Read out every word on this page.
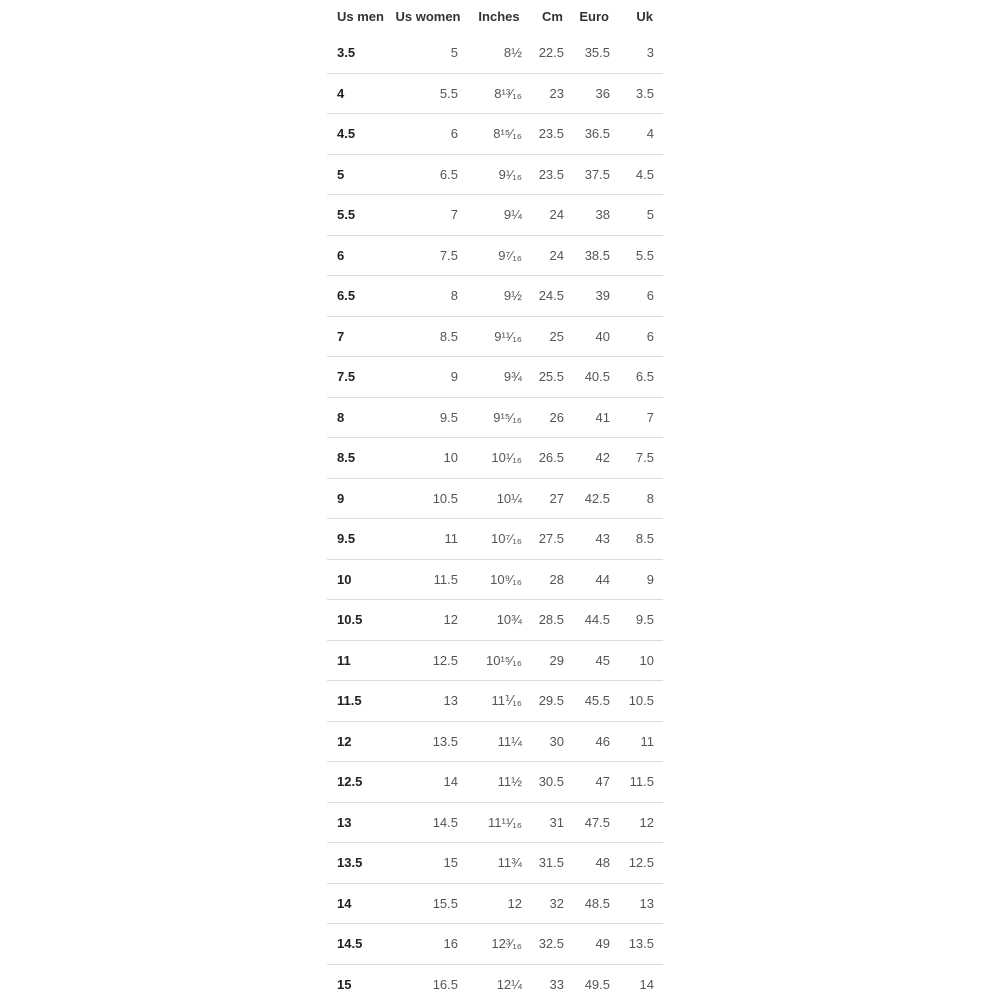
Us men	Us women	Inches	Cm	Euro	Uk
3.5	5	8½	22.5	35.5	3
4	5.5	8¹³⁄₁₆	23	36	3.5
4.5	6	8¹⁵⁄₁₆	23.5	36.5	4
5	6.5	9¹⁄₁₆	23.5	37.5	4.5
5.5	7	9¼	24	38	5
6	7.5	9⁷⁄₁₆	24	38.5	5.5
6.5	8	9½	24.5	39	6
7	8.5	9¹¹⁄₁₆	25	40	6
7.5	9	9¾	25.5	40.5	6.5
8	9.5	9¹⁵⁄₁₆	26	41	7
8.5	10	10¹⁄₁₆	26.5	42	7.5
9	10.5	10¼	27	42.5	8
9.5	11	10⁷⁄₁₆	27.5	43	8.5
10	11.5	10⁹⁄₁₆	28	44	9
10.5	12	10¾	28.5	44.5	9.5
11	12.5	10¹⁵⁄₁₆	29	45	10
11.5	13	11⅟₁₆	29.5	45.5	10.5
12	13.5	11¼	30	46	11
12.5	14	11½	30.5	47	11.5
13	14.5	11¹¹⁄₁₆	31	47.5	12
13.5	15	11¾	31.5	48	12.5
14	15.5	12	32	48.5	13
14.5	16	12³⁄₁₆	32.5	49	13.5
15	16.5	12¼	33	49.5	14
